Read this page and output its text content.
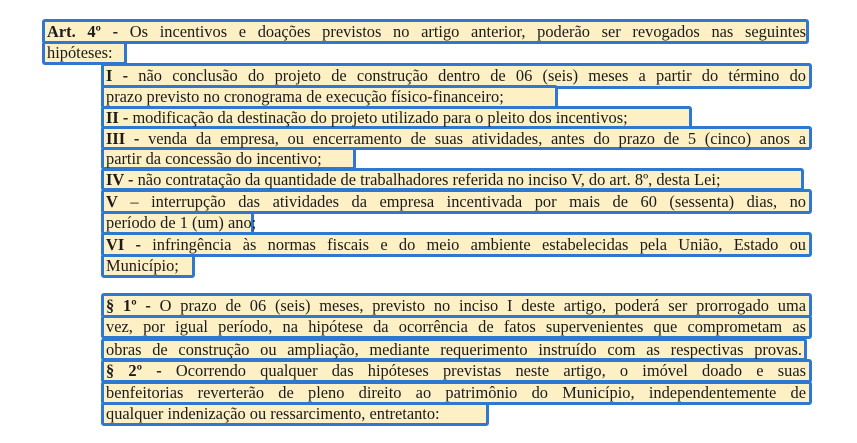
Art. 4º - Os incentivos e doações previstos no artigo anterior, poderão ser revogados nas seguintes
hipóteses:
I - não conclusão do projeto de construção dentro de 06 (seis) meses a partir do término do
prazo previsto no cronograma de execução físico-financeiro;
II - modificação da destinação do projeto utilizado para o pleito dos incentivos;
III - venda da empresa, ou encerramento de suas atividades, antes do prazo de 5 (cinco) anos a
partir da concessão do incentivo;
IV - não contratação da quantidade de trabalhadores referida no inciso V, do art. 8º, desta Lei;
V – interrupção das atividades da empresa incentivada por mais de 60 (sessenta) dias, no
período de 1 (um) ano;
VI - infringência às normas fiscais e do meio ambiente estabelecidas pela União, Estado ou
Município;
§ 1º - O prazo de 06 (seis) meses, previsto no inciso I deste artigo, poderá ser prorrogado uma
vez, por igual período, na hipótese da ocorrência de fatos supervenientes que comprometam as
obras de construção ou ampliação, mediante requerimento instruído com as respectivas provas.
§ 2º - Ocorrendo qualquer das hipóteses previstas neste artigo, o imóvel doado e suas
benfeitorias reverterão de pleno direito ao patrimônio do Município, independentemente de
qualquer indenização ou ressarcimento, entretanto:
